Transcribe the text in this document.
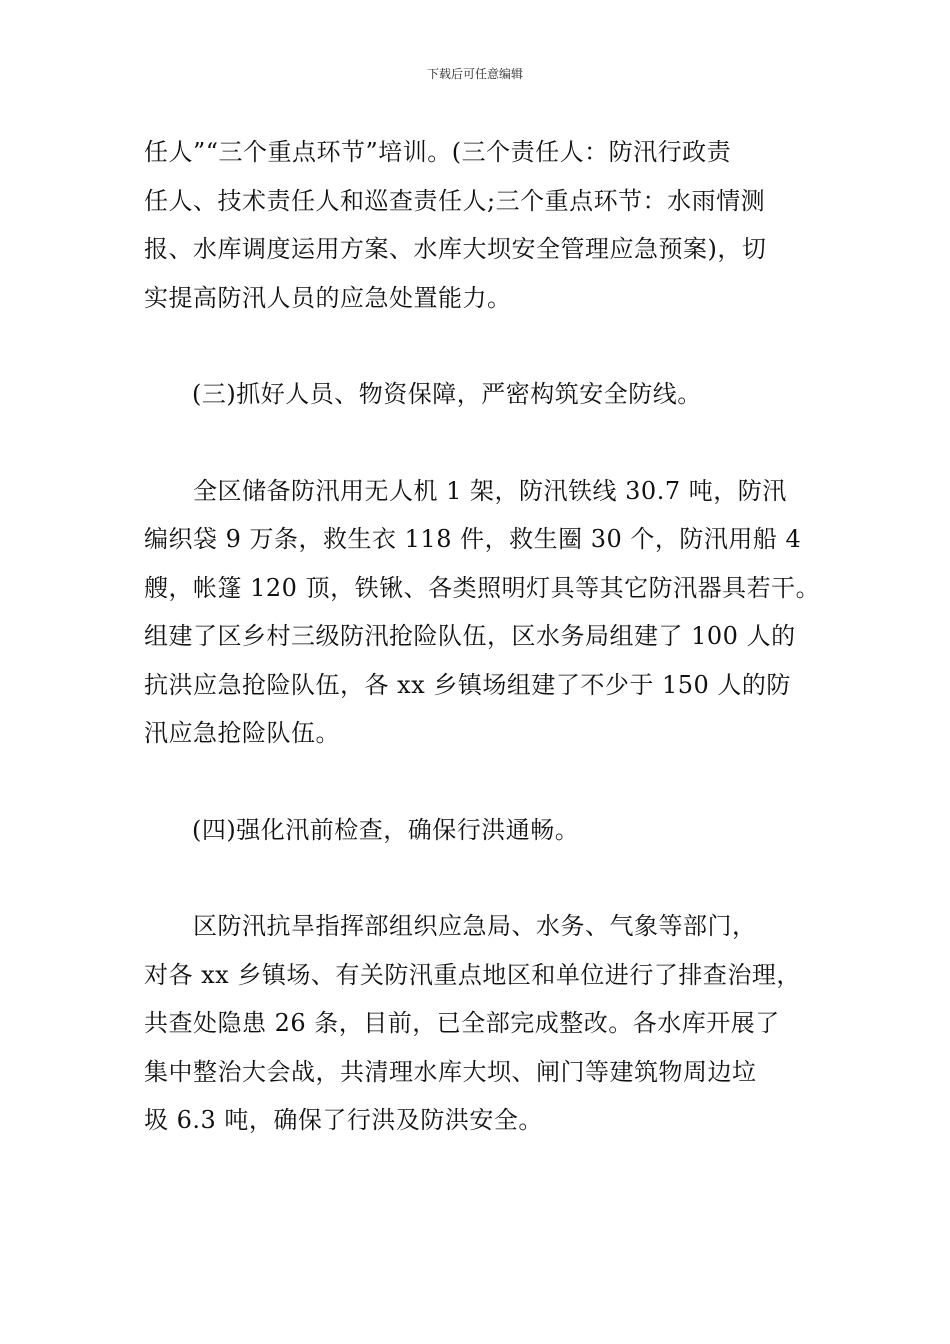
下载后可任意编辑
任人”“三个重点环节”培训。(三个责任人：防汛行政责
任人、技术责任人和巡查责任人;三个重点环节：水雨情测
报、水库调度运用方案、水库大坝安全管理应急预案)，切
实提高防汛人员的应急处置能力。
(三)抓好人员、物资保障，严密构筑安全防线。
　　全区储备防汛用无人机 1 架，防汛铁线 30.7 吨，防汛
编织袋 9 万条，救生衣 118 件，救生圈 30 个，防汛用船 4
艘，帐篷 120 顶，铁锹、各类照明灯具等其它防汛器具若干。
组建了区乡村三级防汛抢险队伍，区水务局组建了 100 人的
抗洪应急抢险队伍，各 xx 乡镇场组建了不少于 150 人的防
汛应急抢险队伍。
(四)强化汛前检查，确保行洪通畅。
　　区防汛抗旱指挥部组织应急局、水务、气象等部门，
对各 xx 乡镇场、有关防汛重点地区和单位进行了排查治理，
共查处隐患 26 条，目前，已全部完成整改。各水库开展了
集中整治大会战，共清理水库大坝、闸门等建筑物周边垃
圾 6.3 吨，确保了行洪及防洪安全。
